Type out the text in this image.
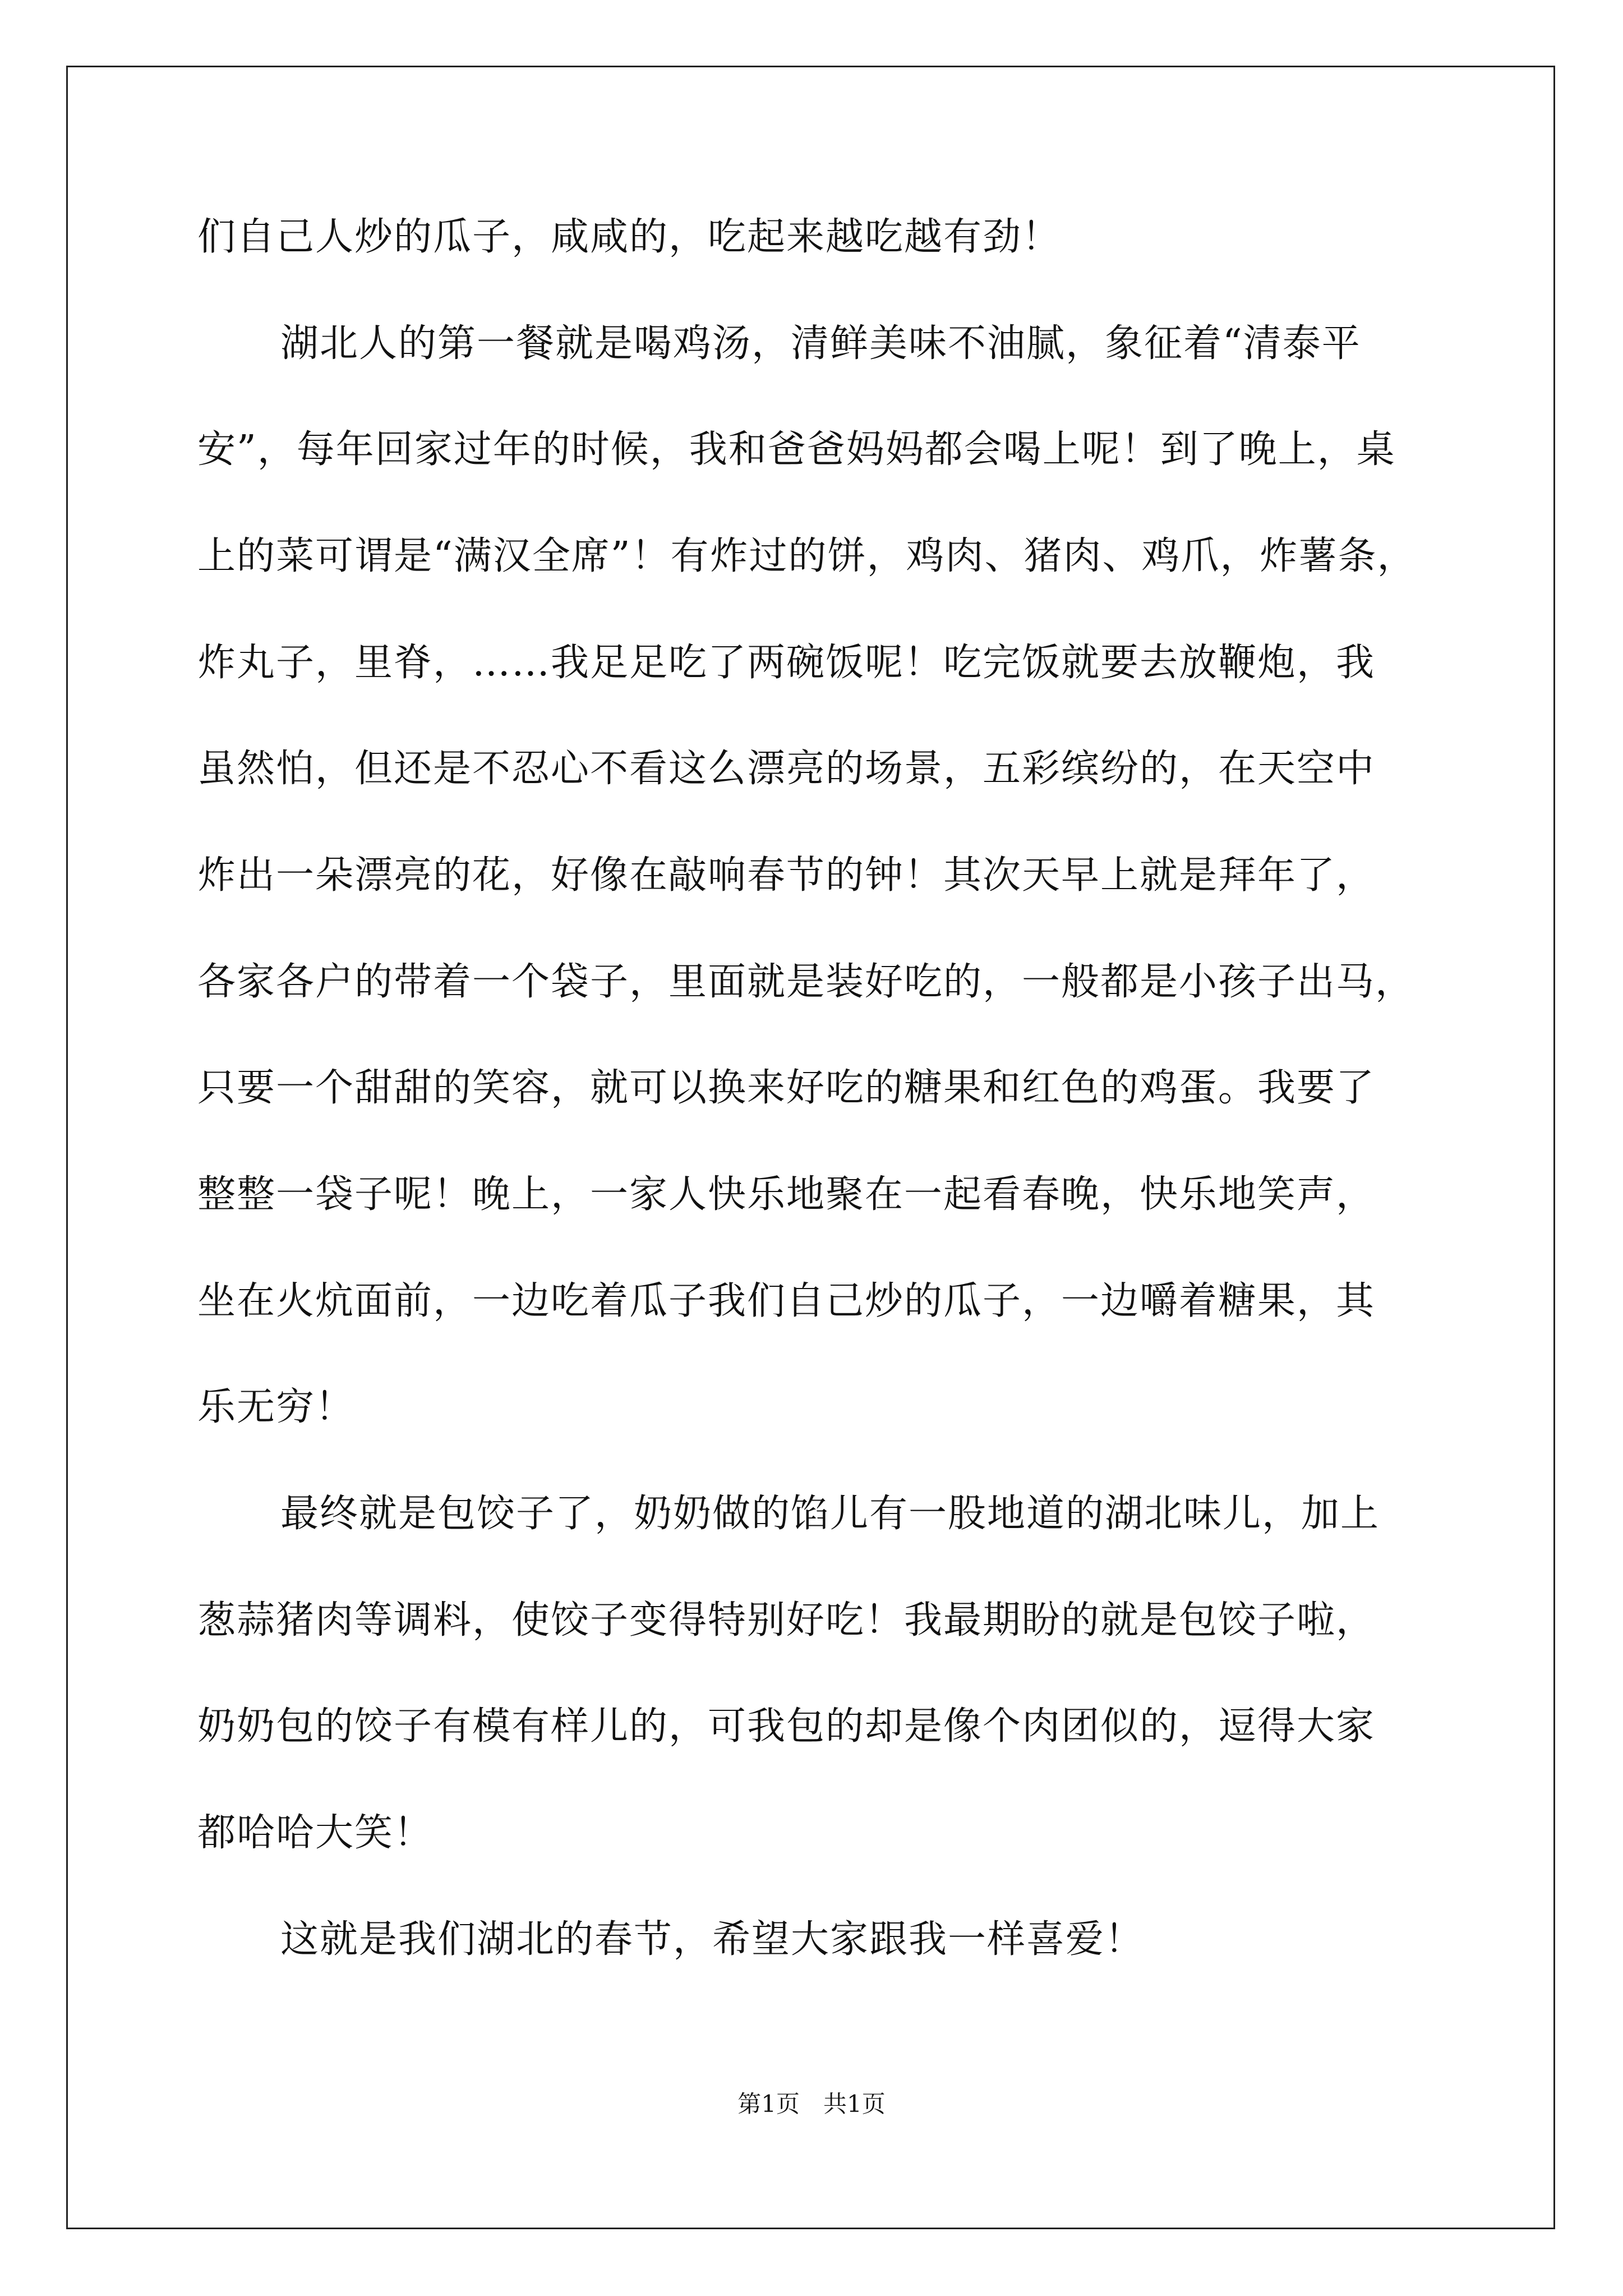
们自己人炒的瓜子，咸咸的，吃起来越吃越有劲！
湖北人的第一餐就是喝鸡汤，清鲜美味不油腻，象征着“清泰平
安”，每年回家过年的时候，我和爸爸妈妈都会喝上呢！到了晚上，桌
上的菜可谓是“满汉全席”！有炸过的饼，鸡肉、猪肉、鸡爪，炸薯条，
炸丸子，里脊，……我足足吃了两碗饭呢！吃完饭就要去放鞭炮，我
虽然怕，但还是不忍心不看这么漂亮的场景，五彩缤纷的，在天空中
炸出一朵漂亮的花，好像在敲响春节的钟！其次天早上就是拜年了，
各家各户的带着一个袋子，里面就是装好吃的，一般都是小孩子出马，
只要一个甜甜的笑容，就可以换来好吃的糖果和红色的鸡蛋。我要了
整整一袋子呢！晚上，一家人快乐地聚在一起看春晚，快乐地笑声，
坐在火炕面前，一边吃着瓜子我们自己炒的瓜子，一边嚼着糖果，其
乐无穷！
最终就是包饺子了，奶奶做的馅儿有一股地道的湖北味儿，加上
葱蒜猪肉等调料，使饺子变得特别好吃！我最期盼的就是包饺子啦，
奶奶包的饺子有模有样儿的，可我包的却是像个肉团似的，逗得大家
都哈哈大笑！
这就是我们湖北的春节，希望大家跟我一样喜爱！
第1页　共1页
